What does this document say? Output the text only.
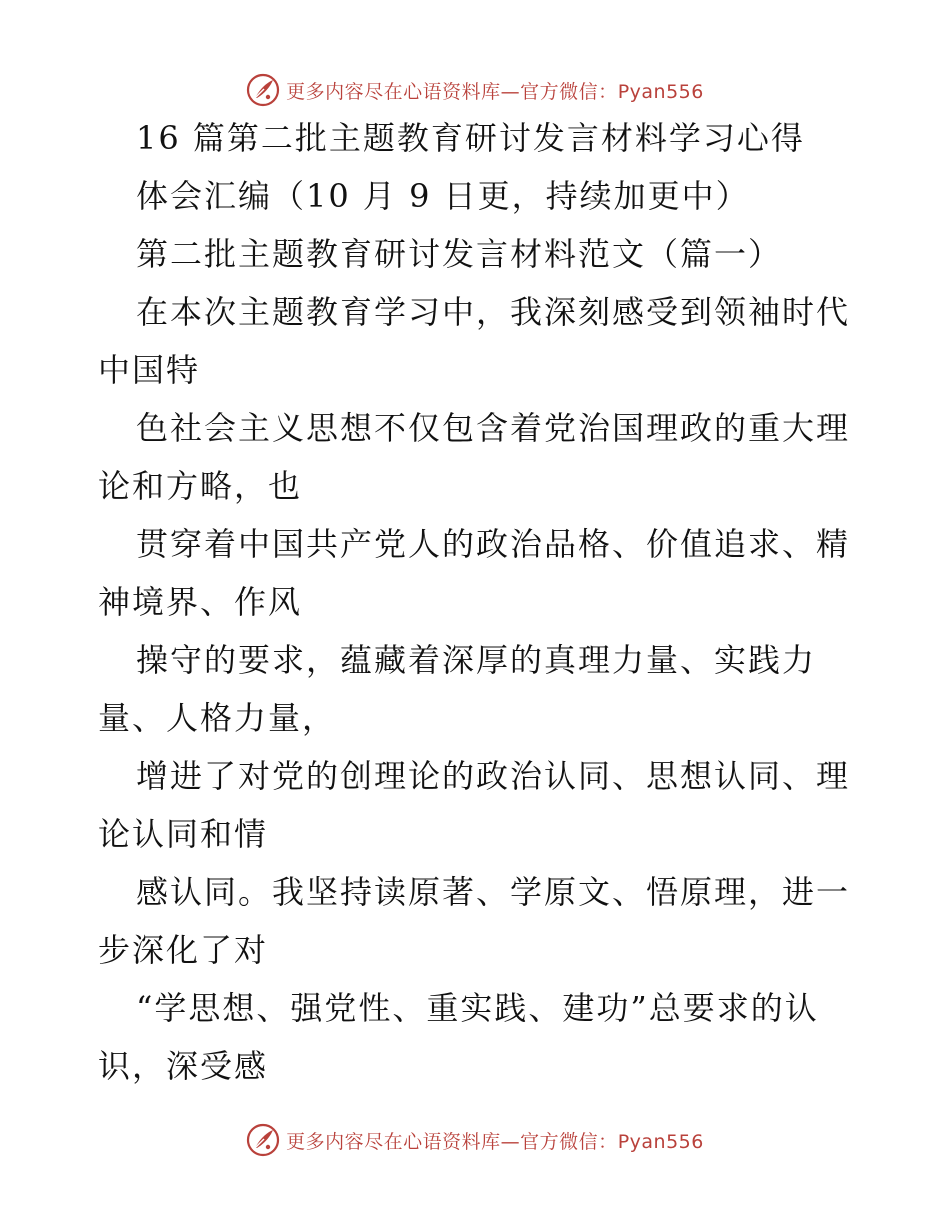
更多内容尽在心语资料库—官方微信：Pyan556
16 篇第二批主题教育研讨发言材料学习心得
体会汇编（10 月 9 日更，持续加更中）
第二批主题教育研讨发言材料范文（篇一）
在本次主题教育学习中，我深刻感受到领袖时代
中国特
色社会主义思想不仅包含着党治国理政的重大理
论和方略，也
贯穿着中国共产党人的政治品格、价值追求、精
神境界、作风
操守的要求，蕴藏着深厚的真理力量、实践力
量、人格力量，
增进了对党的创理论的政治认同、思想认同、理
论认同和情
感认同。我坚持读原著、学原文、悟原理，进一
步深化了对
“学思想、强党性、重实践、建功”总要求的认
识，深受感
更多内容尽在心语资料库—官方微信：Pyan556
